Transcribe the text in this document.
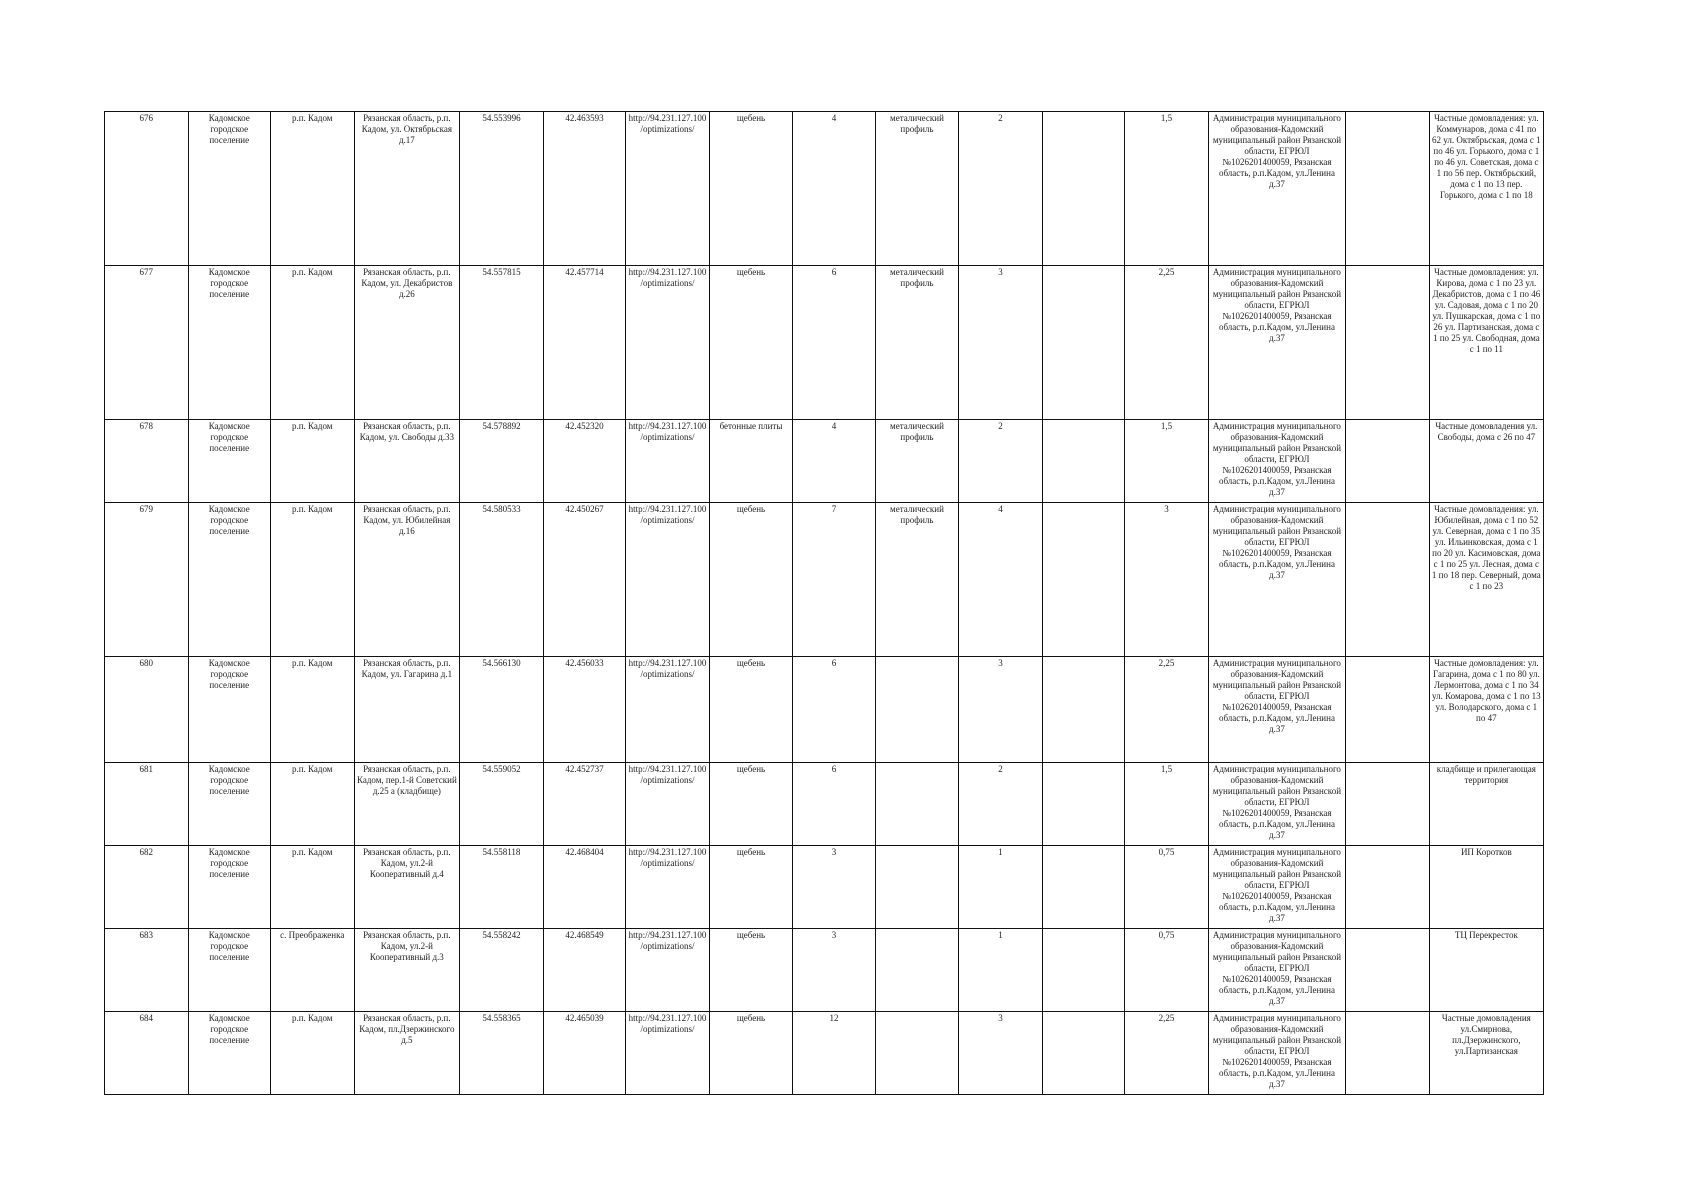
676	Кадомское городское поселение	р.п. Кадом	Рязанская область, р.п. Кадом, ул. Октябрьская д.17	54.553996	42.463593	http://94.231.127.100/optimizations/	щебень	4	металический профиль	2		1,5	Администрация муниципального образования-Кадомский муниципальный район Рязанской области, ЕГРЮЛ №1026201400059, Рязанская область, р.п.Кадом, ул.Ленина д.37		Частные домовладения: ул. Коммунаров, дома с 41 по 62 ул. Октябрьская, дома с 1 по 46 ул. Горького, дома с 1 по 46 ул. Советская, дома с 1 по 56 пер. Октябрьский, дома с 1 по 13 пер. Горького, дома с 1 по 18
677	Кадомское городское поселение	р.п. Кадом	Рязанская область, р.п. Кадом, ул. Декабристов д.26	54.557815	42.457714	http://94.231.127.100/optimizations/	щебень	6	металический профиль	3		2,25	Администрация муниципального образования-Кадомский муниципальный район Рязанской области, ЕГРЮЛ №1026201400059, Рязанская область, р.п.Кадом, ул.Ленина д.37		Частные домовладения: ул. Кирова, дома с 1 по 23 ул. Декабристов, дома с 1 по 46 ул. Садовая, дома с 1 по 20 ул. Пушкарская, дома с 1 по 26 ул. Партизанская, дома с 1 по 25 ул. Свободная, дома с 1 по 11
678	Кадомское городское поселение	р.п. Кадом	Рязанская область, р.п. Кадом, ул. Свободы д.33	54.578892	42.452320	http://94.231.127.100/optimizations/	бетонные плиты	4	металический профиль	2		1,5	Администрация муниципального образования-Кадомский муниципальный район Рязанской области, ЕГРЮЛ №1026201400059, Рязанская область, р.п.Кадом, ул.Ленина д.37		Частные домовладения ул. Свободы, дома с 26 по 47
679	Кадомское городское поселение	р.п. Кадом	Рязанская область, р.п. Кадом, ул. Юбилейная д.16	54.580533	42.450267	http://94.231.127.100/optimizations/	щебень	7	металический профиль	4		3	Администрация муниципального образования-Кадомский муниципальный район Рязанской области, ЕГРЮЛ №1026201400059, Рязанская область, р.п.Кадом, ул.Ленина д.37		Частные домовладения: ул. Юбилейная, дома с 1 по 52 ул. Северная, дома с 1 по 35 ул. Ильинковская, дома с 1 по 20 ул. Касимовская, дома с 1 по 25 ул. Лесная, дома с 1 по 18 пер. Северный, дома с 1 по 23
680	Кадомское городское поселение	р.п. Кадом	Рязанская область, р.п. Кадом, ул. Гагарина д.1	54.566130	42.456033	http://94.231.127.100/optimizations/	щебень	6		3		2,25	Администрация муниципального образования-Кадомский муниципальный район Рязанской области, ЕГРЮЛ №1026201400059, Рязанская область, р.п.Кадом, ул.Ленина д.37		Частные домовладения: ул. Гагарина, дома с 1 по 80 ул. Лермонтова, дома с 1 по 34 ул. Комарова, дома с 1 по 13 ул. Володарского, дома с 1 по 47
681	Кадомское городское поселение	р.п. Кадом	Рязанская область, р.п. Кадом, пер.1-й Советский д.25 а (кладбище)	54.559052	42.452737	http://94.231.127.100/optimizations/	щебень	6		2		1,5	Администрация муниципального образования-Кадомский муниципальный район Рязанской области, ЕГРЮЛ №1026201400059, Рязанская область, р.п.Кадом, ул.Ленина д.37		кладбище и прилегающая территория
682	Кадомское городское поселение	р.п. Кадом	Рязанская область, р.п. Кадом, ул.2-й Кооперативный д.4	54.558118	42.468404	http://94.231.127.100/optimizations/	щебень	3		1		0,75	Администрация муниципального образования-Кадомский муниципальный район Рязанской области, ЕГРЮЛ №1026201400059, Рязанская область, р.п.Кадом, ул.Ленина д.37		ИП Коротков
683	Кадомское городское поселение	с. Преображенка	Рязанская область, р.п. Кадом, ул.2-й Кооперативный д.3	54.558242	42.468549	http://94.231.127.100/optimizations/	щебень	3		1		0,75	Администрация муниципального образования-Кадомский муниципальный район Рязанской области, ЕГРЮЛ №1026201400059, Рязанская область, р.п.Кадом, ул.Ленина д.37		ТЦ Перекресток
684	Кадомское городское поселение	р.п. Кадом	Рязанская область, р.п. Кадом, пл.Дзержинского д.5	54.558365	42.465039	http://94.231.127.100/optimizations/	щебень	12		3		2,25	Администрация муниципального образования-Кадомский муниципальный район Рязанской области, ЕГРЮЛ №1026201400059, Рязанская область, р.п.Кадом, ул.Ленина д.37		Частные домовладения ул.Смирнова, пл.Дзержинского, ул.Партизанская
